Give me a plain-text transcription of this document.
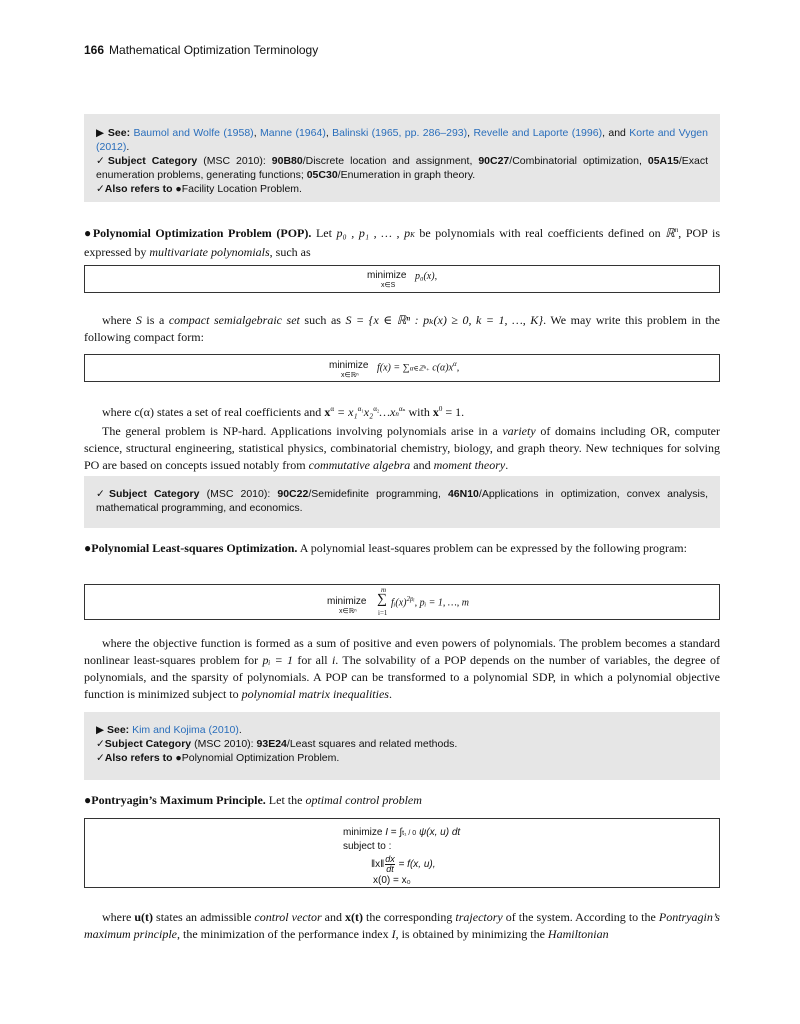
166 Mathematical Optimization Terminology
▶ See: Baumol and Wolfe (1958), Manne (1964), Balinski (1965, pp. 286–293), Revelle and Laporte (1996), and Korte and Vygen (2012).
✓Subject Category (MSC 2010): 90B80/Discrete location and assignment, 90C27/Combinatorial optimization, 05A15/Exact enumeration problems, generating functions; 05C30/Enumeration in graph theory.
✓Also refers to ●Facility Location Problem.
●Polynomial Optimization Problem (POP). Let p₀ , p₁ , … , pK be polynomials with real coefficients defined on ℝ$^n$, POP is expressed by multivariate polynomials, such as
minimize
x∈S
p₀(x),
where S is a compact semialgebraic set such as S = {x ∈ ℝⁿ : pₖ(x) ≥ 0, k = 1, …, K}. We may write this problem in the following compact form:
minimize
x∈ℝⁿ
f(x) = ∑α∈ℤⁿ₊ $c(\alpha)x^\alpha$,
where c(α) states a set of real coefficients and $x^\alpha$ = $x_1^{\alpha_1}x_2^{\alpha_2}\dots xn^{\alpha_n}$ with $x^0 = 1$.
The general problem is NP-hard. Applications involving polynomials arise in a variety of domains including OR, computer science, structural engineering, statistical physics, combinatorial chemistry, biology, and graph theory. New techniques for solving PO are based on concepts issued notably from commutative algebra and moment theory.
✓Subject Category (MSC 2010): 90C22/Semidefinite programming, 46N10/Applications in optimization, convex analysis, mathematical programming, and economics.
●Polynomial Least-squares Optimization. A polynomial least-squares problem can be expressed by the following program:
minimize
x∈ℝⁿ
m
∑
i=1
$fᵢ(x)^{2pᵢ}$, pᵢ = 1, …, m
where the objective function is formed as a sum of positive and even powers of polynomials. The problem becomes a standard nonlinear least-squares problem for pᵢ = 1 for all i. The solvability of a POP depends on the number of variables, the degree of polynomials, and the sparsity of polynomials. A POP can be transformed to a polynomial SDP, in which a polynomial objective function is minimized subject to polynomial matrix inequalities.
▶ See: Kim and Kojima (2010).
✓Subject Category (MSC 2010): 93E24/Least squares and related methods.
✓Also refers to ●Polynomial Optimization Problem.
●Pontryagin’s Maximum Principle. Let the optimal control problem
minimize I = ∫t₁ / 0 ψ(x, u) dt
subject to :
‖x‖ $\frac{dx}{dt} = f(x$, u),
x(0) = x₀
where u(t) states an admissible control vector and x(t) the corresponding trajectory of the system. According to the Pontryagin’s maximum principle, the minimization of the performance index I, is obtained by minimizing the Hamiltonian
